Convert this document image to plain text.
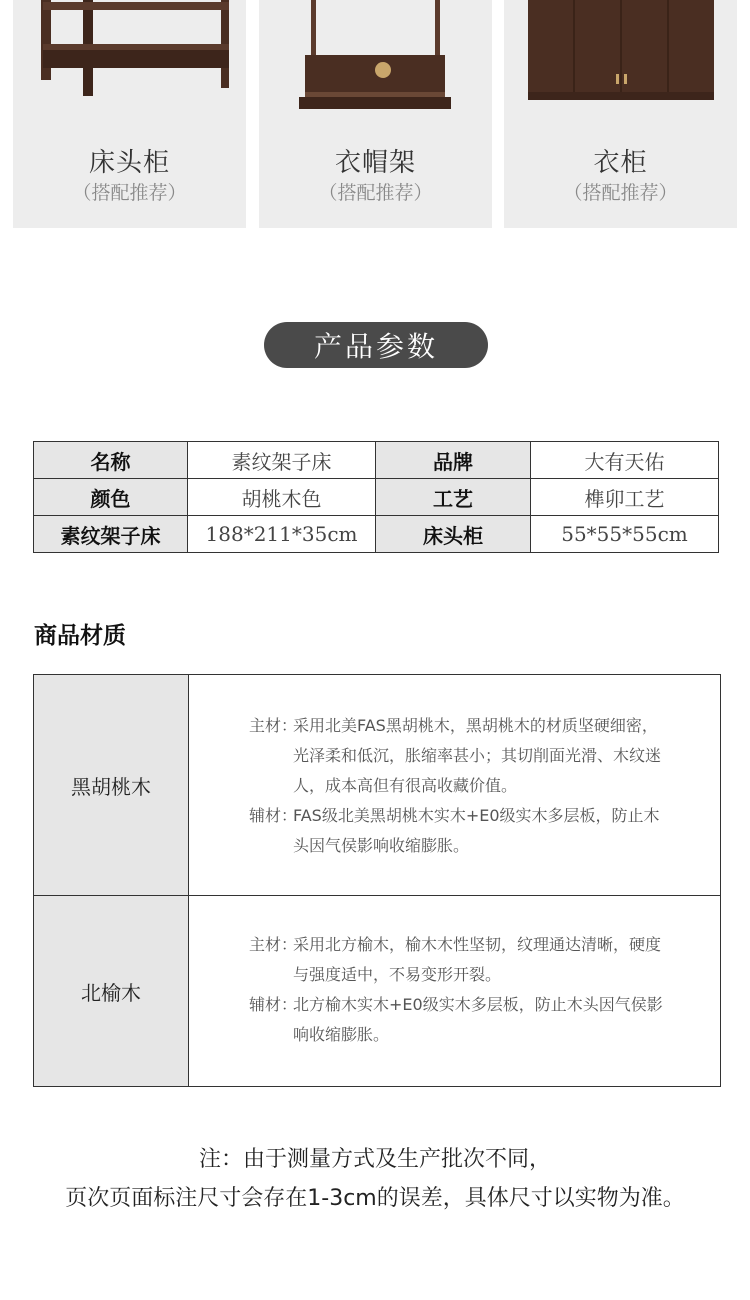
床头柜
（搭配推荐）
衣帽架
（搭配推荐）
衣柜
（搭配推荐）
产品参数
名称	素纹架子床	品牌	大有天佑
颜色	胡桃木色	工艺	榫卯工艺
素纹架子床	188*211*35cm	床头柜	55*55*55cm
商品材质
黑胡桃木
主材：
采用北美FAS黑胡桃木，黑胡桃木的材质坚硬细密，光泽柔和低沉，胀缩率甚小；其切削面光滑、木纹迷人，成本高但有很高收藏价值。
辅材：
FAS级北美黑胡桃木实木+E0级实木多层板，防止木头因气侯影响收缩膨胀。
北榆木
主材：
采用北方榆木，榆木木性坚韧，纹理通达清晰，硬度与强度适中，不易变形开裂。
辅材：
北方榆木实木+E0级实木多层板，防止木头因气侯影响收缩膨胀。
注：由于测量方式及生产批次不同，
页次页面标注尺寸会存在1-3cm的误差，具体尺寸以实物为准。
